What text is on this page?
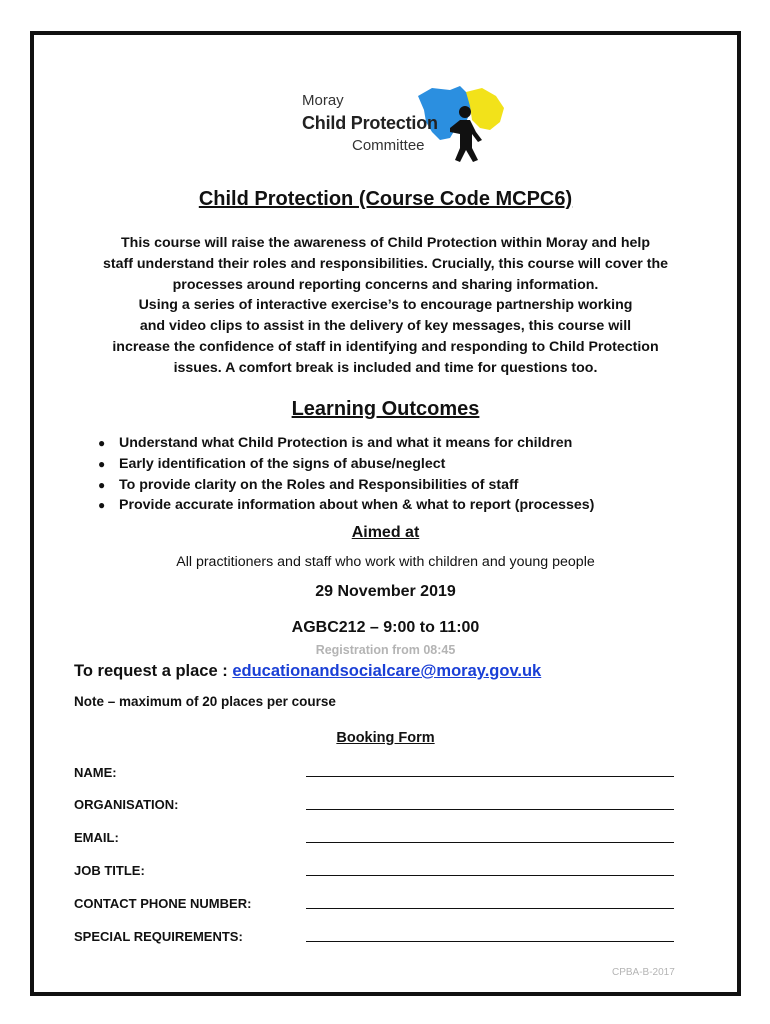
Moray
Child Protection
Committee
Child Protection (Course Code MCPC6)
This course will raise the awareness of Child Protection within Moray and help
staff understand their roles and responsibilities. Crucially, this course will cover the
processes around reporting concerns and sharing information.
Using a series of interactive exercise’s to encourage partnership working
and video clips to assist in the delivery of key messages, this course will
increase the confidence of staff in identifying and responding to Child Protection
issues. A comfort break is included and time for questions too.
Learning Outcomes
● Understand what Child Protection is and what it means for children
● Early identification of the signs of abuse/neglect
● To provide clarity on the Roles and Responsibilities of staff
● Provide accurate information about when & what to report (processes)
Aimed at
All practitioners and staff who work with children and young people
29 November 2019
AGBC212 – 9:00 to 11:00
Registration from 08:45
To request a place : educationandsocialcare@moray.gov.uk
Note – maximum of 20 places per course
Booking Form
NAME:
ORGANISATION:
EMAIL:
JOB TITLE:
CONTACT PHONE NUMBER:
SPECIAL REQUIREMENTS:
CPBA-B-2017
